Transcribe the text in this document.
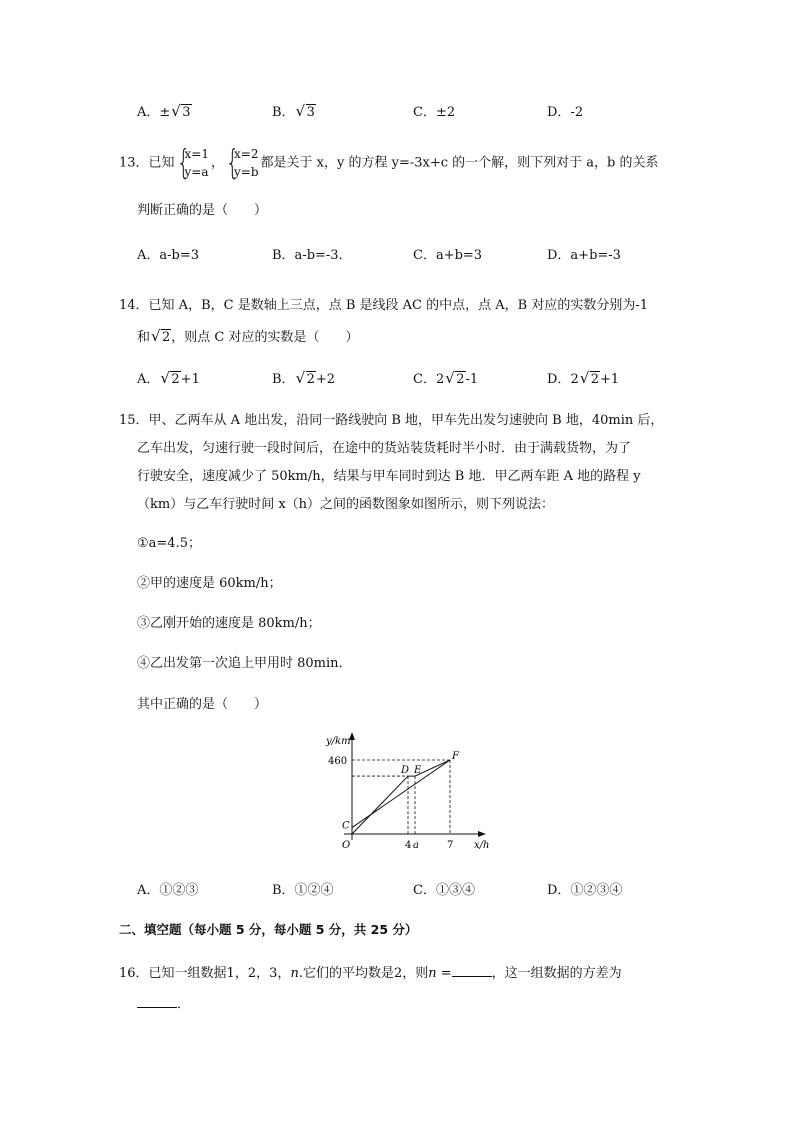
A．± √ 3	B． √ 3	C．±2	D．-2
13．已知 {
x=1
y=a
， {
x=2
y=b
都是关于 x，y 的方程 y=-3x+c 的一个解，则下列对于 a，b 的关系
判断正确的是（　　）
A．a-b=3	B．a-b=-3．	C．a+b=3	D．a+b=-3
14．已知 A，B，C 是数轴上三点，点 B 是线段 AC 的中点，点 A，B 对应的实数分别为-1
和 √ 2，则点 C 对应的实数是（　　）
A． √ 2+1	B． √ 2+2	C．2 √ 2-1	D．2 √ 2+1
15．甲、乙两车从 A 地出发，沿同一路线驶向 B 地，甲车先出发匀速驶向 B 地，40min 后，
乙车出发，匀速行驶一段时间后，在途中的货站装货耗时半小时．由于满载货物，为了
行驶安全，速度减少了 50km/h，结果与甲车同时到达 B 地．甲乙两车距 A 地的路程 y
（km）与乙车行驶时间 x（h）之间的函数图象如图所示，则下列说法：
①a=4.5；
②甲的速度是 60km/h；
③乙刚开始的速度是 80km/h；
④乙出发第一次追上甲用时 80min．
其中正确的是（　　）
y/km
x/h
460
4 a	7
O
C
D E
F
A．①②③	B．①②④	C．①③④	D．①②③④
二、填空题（每小题 5 分，每小题 5 分，共 25 分）
16．已知一组数据1，2，3，n.它们的平均数是2，则n =	，这一组数据的方差为
．
